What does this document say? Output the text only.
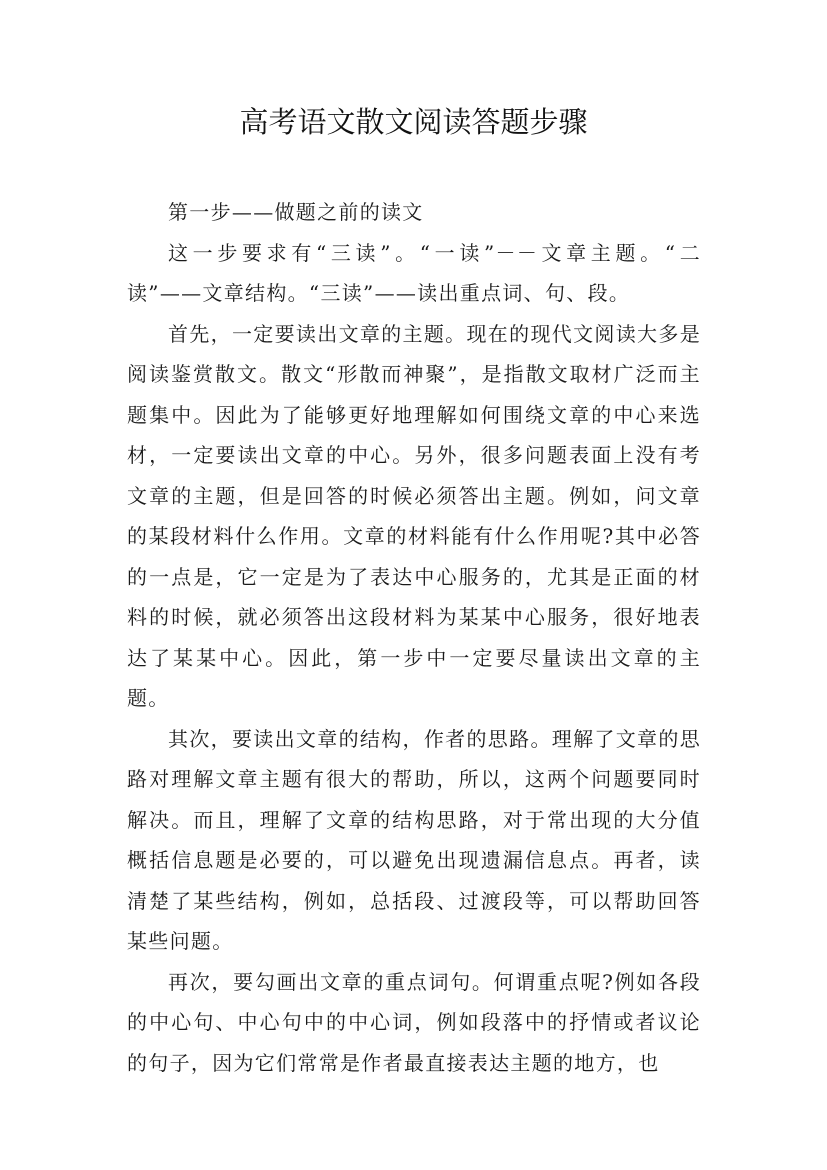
高考语文散文阅读答题步骤

第一步——做题之前的读文

这一步要求有“三读”。“一读”－－文章主题。“二读”——文章结构。“三读”——读出重点词、句、段。

首先，一定要读出文章的主题。现在的现代文阅读大多是阅读鉴赏散文。散文“形散而神聚”，是指散文取材广泛而主题集中。因此为了能够更好地理解如何围绕文章的中心来选材，一定要读出文章的中心。另外，很多问题表面上没有考文章的主题，但是回答的时候必须答出主题。例如，问文章的某段材料什么作用。文章的材料能有什么作用呢?其中必答的一点是，它一定是为了表达中心服务的，尤其是正面的材料的时候，就必须答出这段材料为某某中心服务，很好地表达了某某中心。因此，第一步中一定要尽量读出文章的主题。

其次，要读出文章的结构，作者的思路。理解了文章的思路对理解文章主题有很大的帮助，所以，这两个问题要同时解决。而且，理解了文章的结构思路，对于常出现的大分值概括信息题是必要的，可以避免出现遗漏信息点。再者，读清楚了某些结构，例如，总括段、过渡段等，可以帮助回答某些问题。

再次，要勾画出文章的重点词句。何谓重点呢?例如各段的中心句、中心句中的中心词，例如段落中的抒情或者议论的句子，因为它们常常是作者最直接表达主题的地方，也
